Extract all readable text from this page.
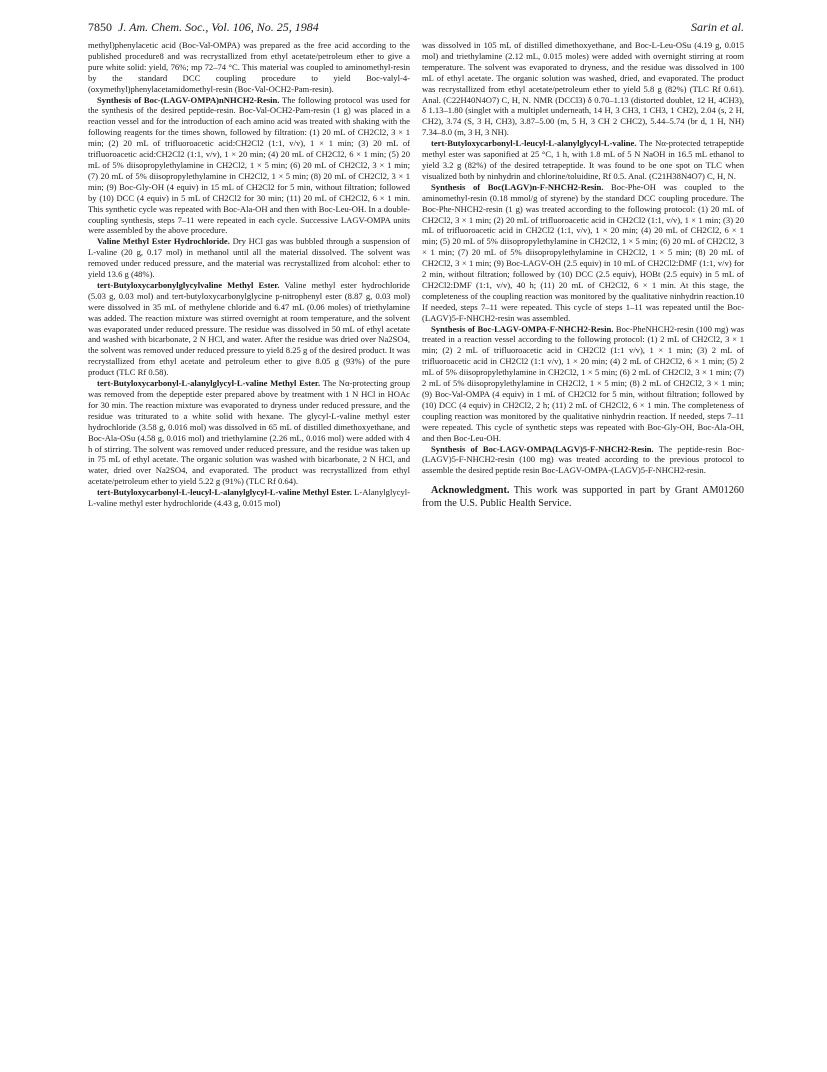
7850 J. Am. Chem. Soc., Vol. 106, No. 25, 1984	Sarin et al.

methyl)phenylacetic acid (Boc-Val-OMPA) was prepared as the free acid according to the published procedure8 and was recrystallized from ethyl acetate/petroleum ether to give a pure white solid: yield, 76%; mp 72–74 °C. This material was coupled to aminomethyl-resin by the standard DCC coupling procedure to yield Boc-valyl-4-(oxymethyl)phenylacetamidomethyl-resin (Boc-Val-OCH2-Pam-resin).

Synthesis of Boc-(LAGV-OMPA)nNHCH2-Resin. The following protocol was used for the synthesis of the desired peptide-resin. Boc-Val-OCH2-Pam-resin (1 g) was placed in a reaction vessel and for the introduction of each amino acid was treated with shaking with the following reagents for the times shown, followed by filtration: (1) 20 mL of CH2Cl2, 3 × 1 min; (2) 20 mL of trifluoroacetic acid:CH2Cl2 (1:1, v/v), 1 × 1 min; (3) 20 mL of trifluoroacetic acid:CH2Cl2 (1:1, v/v), 1 × 20 min; (4) 20 mL of CH2Cl2, 6 × 1 min; (5) 20 mL of 5% diisopropylethylamine in CH2Cl2, 1 × 5 min; (6) 20 mL of CH2Cl2, 3 × 1 min; (7) 20 mL of 5% diisopropylethylamine in CH2Cl2, 1 × 5 min; (8) 20 mL of CH2Cl2, 3 × 1 min; (9) Boc-Gly-OH (4 equiv) in 15 mL of CH2Cl2 for 5 min, without filtration; followed by (10) DCC (4 equiv) in 5 mL of CH2Cl2 for 30 min; (11) 20 mL of CH2Cl2, 6 × 1 min. This synthetic cycle was repeated with Boc-Ala-OH and then with Boc-Leu-OH. In a double-coupling synthesis, steps 7–11 were repeated in each cycle. Successive LAGV-OMPA units were assembled by the above procedure.

Valine Methyl Ester Hydrochloride. Dry HCl gas was bubbled through a suspension of L-valine (20 g, 0.17 mol) in methanol until all the material dissolved. The solvent was removed under reduced pressure, and the material was recrystallized from alcohol: ether to yield 13.6 g (48%).

tert-Butyloxycarbonylglycylvaline Methyl Ester. Valine methyl ester hydrochloride (5.03 g, 0.03 mol) and tert-butyloxycarbonylglycine p-nitrophenyl ester (8.87 g, 0.03 mol) were dissolved in 35 mL of methylene chloride and 6.47 mL (0.06 moles) of triethylamine was added. The reaction mixture was stirred overnight at room temperature, and the solvent was evaporated under reduced pressure. The residue was dissolved in 50 mL of ethyl acetate and washed with bicarbonate, 2 N HCl, and water. After the residue was dried over Na2SO4, the solvent was removed under reduced pressure to yield 8.25 g of the desired product. It was recrystallized from ethyl acetate and petroleum ether to give 8.05 g (93%) of the pure product (TLC Rf 0.58).

tert-Butyloxycarbonyl-L-alanylglycyl-L-valine Methyl Ester. The Nα-protecting group was removed from the depeptide ester prepared above by treatment with 1 N HCl in HOAc for 30 min. The reaction mixture was evaporated to dryness under reduced pressure, and the residue was triturated to a white solid with hexane. The glycyl-L-valine methyl ester hydrochloride (3.58 g, 0.016 mol) was dissolved in 65 mL of distilled dimethoxyethane, and Boc-Ala-OSu (4.58 g, 0.016 mol) and triethylamine (2.26 mL, 0.016 mol) were added with 4 h of stirring. The solvent was removed under reduced pressure, and the residue was taken up in 75 mL of ethyl acetate. The organic solution was washed with bicarbonate, 2 N HCl, and water, dried over Na2SO4, and evaporated. The product was recrystallized from ethyl acetate/petroleum ether to yield 5.22 g (91%) (TLC Rf 0.64).

tert-Butyloxycarbonyl-L-leucyl-L-alanylglycyl-L-valine Methyl Ester. L-Alanylglycyl-L-valine methyl ester hydrochloride (4.43 g, 0.015 mol)

was dissolved in 105 mL of distilled dimethoxyethane, and Boc-L-Leu-OSu (4.19 g, 0.015 mol) and triethylamine (2.12 mL, 0.015 moles) were added with overnight stirring at room temperature. The solvent was evaporated to dryness, and the residue was dissolved in 100 mL of ethyl acetate. The organic solution was washed, dried, and evaporated. The product was recrystallized from ethyl acetate/petroleum ether to yield 5.8 g (82%) (TLC Rf 0.61). Anal. (C22H40N4O7) C, H, N. NMR (DCCl3) δ 0.70–1.13 (distorted doublet, 12 H, 4CH3), δ 1.13–1.80 (singlet with a multiplet underneath, 14 H, 3 CH3, 1 CH3, 1 CH2), 2.04 (s, 2 H, CH2), 3.74 (S, 3 H, CH3), 3.87–5.00 (m, 5 H, 3 CH 2 CHC2), 5.44–5.74 (br d, 1 H, NH) 7.34–8.0 (m, 3 H, 3 NH).

tert-Butyloxycarbonyl-L-leucyl-L-alanylglycyl-L-valine. The Nα-protected tetrapeptide methyl ester was saponified at 25 °C, 1 h, with 1.8 mL of 5 N NaOH in 16.5 mL ethanol to yield 3.2 g (82%) of the desired tetrapeptide. It was found to be one spot on TLC when visualized both by ninhydrin and chlorine/toluidine, Rf 0.5. Anal. (C21H38N4O7) C, H, N.

Synthesis of Boc(LAGV)n-F-NHCH2-Resin. Boc-Phe-OH was coupled to the aminomethyl-resin (0.18 mmol/g of styrene) by the standard DCC coupling procedure. The Boc-Phe-NHCH2-resin (1 g) was treated according to the following protocol: (1) 20 mL of CH2Cl2, 3 × 1 min; (2) 20 mL of trifluoroacetic acid in CH2Cl2 (1:1, v/v), 1 × 1 min; (3) 20 mL of trifluoroacetic acid in CH2Cl2 (1:1, v/v), 1 × 20 min; (4) 20 mL of CH2Cl2, 6 × 1 min; (5) 20 mL of 5% diisopropylethylamine in CH2Cl2, 1 × 5 min; (6) 20 mL of CH2Cl2, 3 × 1 min; (7) 20 mL of 5% diisopropylethylamine in CH2Cl2, 1 × 5 min; (8) 20 mL of CH2Cl2, 3 × 1 min; (9) Boc-LAGV-OH (2.5 equiv) in 10 mL of CH2Cl2:DMF (1:1, v/v) for 2 min, without filtration; followed by (10) DCC (2.5 equiv), HOBt (2.5 equiv) in 5 mL of CH2Cl2:DMF (1:1, v/v), 40 h; (11) 20 mL of CH2Cl2, 6 × 1 min. At this stage, the completeness of the coupling reaction was monitored by the qualitative ninhydrin reaction.10 If needed, steps 7–11 were repeated. This cycle of steps 1–11 was repeated until the Boc-(LAGV)5-F-NHCH2-resin was assembled.

Synthesis of Boc-LAGV-OMPA-F-NHCH2-Resin. Boc-PheNHCH2-resin (100 mg) was treated in a reaction vessel according to the following protocol: (1) 2 mL of CH2Cl2, 3 × 1 min; (2) 2 mL of trifluoroacetic acid in CH2Cl2 (1:1 v/v), 1 × 1 min; (3) 2 mL of trifluoroacetic acid in CH2Cl2 (1:1 v/v), 1 × 20 min; (4) 2 mL of CH2Cl2, 6 × 1 min; (5) 2 mL of 5% diisopropylethylamine in CH2Cl2, 1 × 5 min; (6) 2 mL of CH2Cl2, 3 × 1 min; (7) 2 mL of 5% diisopropylethylamine in CH2Cl2, 1 × 5 min; (8) 2 mL of CH2Cl2, 3 × 1 min; (9) Boc-Val-OMPA (4 equiv) in 1 mL of CH2Cl2 for 5 min, without filtration; followed by (10) DCC (4 equiv) in CH2Cl2, 2 h; (11) 2 mL of CH2Cl2, 6 × 1 min. The completeness of coupling reaction was monitored by the qualitative ninhydrin reaction. If needed, steps 7–11 were repeated. This cycle of synthetic steps was repeated with Boc-Gly-OH, Boc-Ala-OH, and then Boc-Leu-OH.

Synthesis of Boc-LAGV-OMPA(LAGV)5-F-NHCH2-Resin. The peptide-resin Boc-(LAGV)5-F-NHCH2-resin (100 mg) was treated according to the previous protocol to assemble the desired peptide resin Boc-LAGV-OMPA-(LAGV)5-F-NHCH2-resin.

Acknowledgment. This work was supported in part by Grant AM01260 from the U.S. Public Health Service.
